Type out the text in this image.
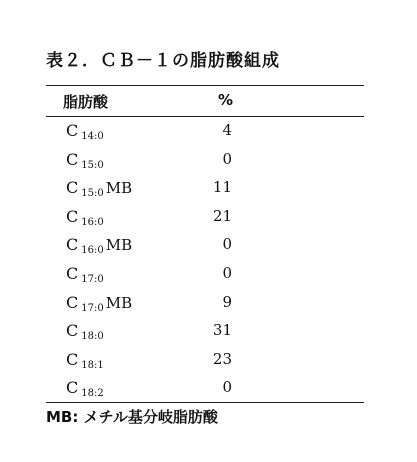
表２．ＣＢ－１の脂肪酸組成
脂肪酸	%
C 14:0	4
C 15:0	0
C 15:0 MB	11
C 16:0	21
C 16:0 MB	0
C 17:0	0
C 17:0 MB	9
C 18:0	31
C 18:1	23
C 18:2	0
MB: メチル基分岐脂肪酸
